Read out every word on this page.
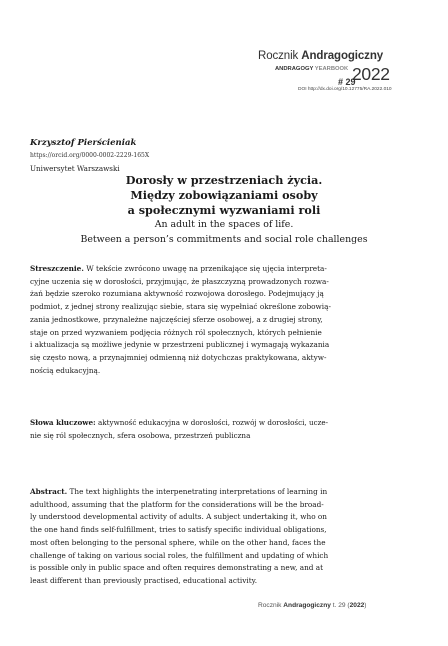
Rocznik Andragogiczny
ANDRAGOGY YEARBOOK 2022
# 29
DOI http://dx.doi.org/10.12775/RA.2022.010
Krzysztof Pierścieniak
https://orcid.org/0000-0002-2229-165X
Uniwersytet Warszawski
Dorosły w przestrzeniach życia.
Między zobowiązaniami osoby
a społecznymi wyzwaniami roli
An adult in the spaces of life.
Between a person’s commitments and social role challenges
Streszczenie. W tekście zwrócono uwagę na przenikające się ujęcia interpreta-
cyjne uczenia się w dorosłości, przyjmując, że płaszczyzną prowadzonych rozwa-
żań będzie szeroko rozumiana aktywność rozwojowa dorosłego. Podejmujący ją
podmiot, z jednej strony realizując siebie, stara się wypełniać określone zobowią-
zania jednostkowe, przynależne najczęściej sferze osobowej, a z drugiej strony,
staje on przed wyzwaniem podjęcia różnych ról społecznych, których pełnienie
i aktualizacja są możliwe jedynie w przestrzeni publicznej i wymagają wykazania
się często nową, a przynajmniej odmienną niż dotychczas praktykowana, aktyw-
nością edukacyjną.
Słowa kluczowe: aktywność edukacyjna w dorosłości, rozwój w dorosłości, ucze-
nie się ról społecznych, sfera osobowa, przestrzeń publiczna
Abstract. The text highlights the interpenetrating interpretations of learning in
adulthood, assuming that the platform for the considerations will be the broad-
ly understood developmental activity of adults. A subject undertaking it, who on
the one hand finds self-fulfillment, tries to satisfy specific individual obligations,
most often belonging to the personal sphere, while on the other hand, faces the
challenge of taking on various social roles, the fulfillment and updating of which
is possible only in public space and often requires demonstrating a new, and at
least different than previously practised, educational activity.
Rocznik Andragogiczny t. 29 (2022)
